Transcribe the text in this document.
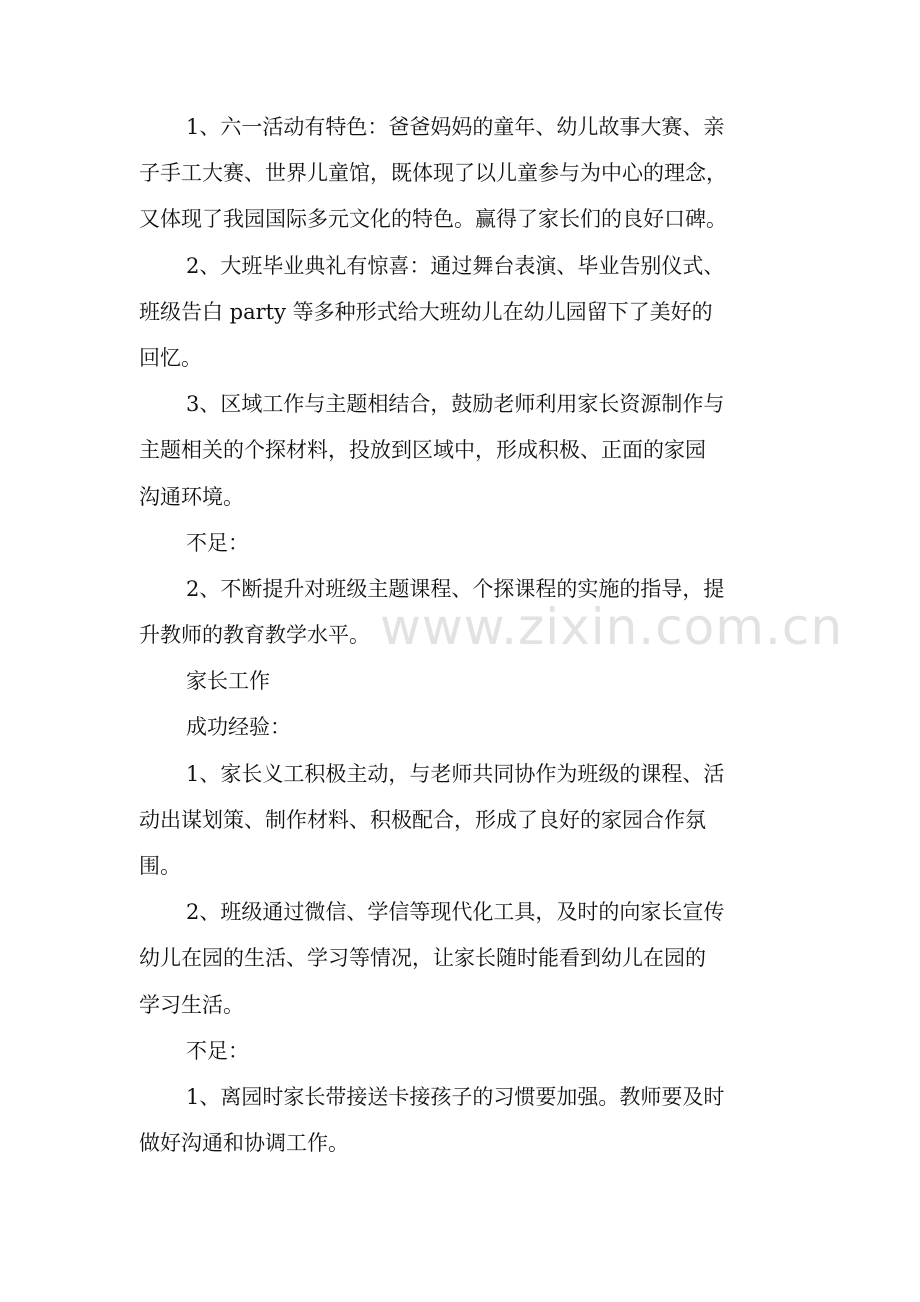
1、六一活动有特色：爸爸妈妈的童年、幼儿故事大赛、亲
子手工大赛、世界儿童馆，既体现了以儿童参与为中心的理念，
又体现了我园国际多元文化的特色。赢得了家长们的良好口碑。
2、大班毕业典礼有惊喜：通过舞台表演、毕业告别仪式、
班级告白 party 等多种形式给大班幼儿在幼儿园留下了美好的
回忆。
3、区域工作与主题相结合，鼓励老师利用家长资源制作与
主题相关的个探材料，投放到区域中，形成积极、正面的家园
沟通环境。
不足：
2、不断提升对班级主题课程、个探课程的实施的指导，提
升教师的教育教学水平。
家长工作
成功经验：
1、家长义工积极主动，与老师共同协作为班级的课程、活
动出谋划策、制作材料、积极配合，形成了良好的家园合作氛
围。
2、班级通过微信、学信等现代化工具，及时的向家长宣传
幼儿在园的生活、学习等情况，让家长随时能看到幼儿在园的
学习生活。
不足：
1、离园时家长带接送卡接孩子的习惯要加强。教师要及时
做好沟通和协调工作。
www.zixin.com.cn
